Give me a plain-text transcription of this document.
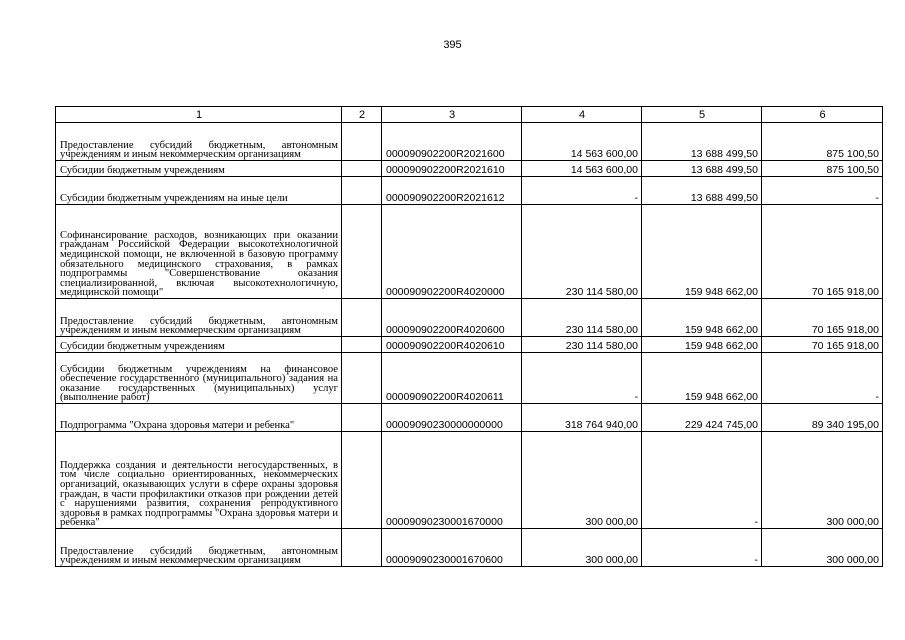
395
1	2	3	4	5	6
Предоставление субсидий бюджетным, автономным учреждениям и иным некоммерческим организациям		000090902200R2021600	14 563 600,00	13 688 499,50	875 100,50
Субсидии бюджетным учреждениям		000090902200R2021610	14 563 600,00	13 688 499,50	875 100,50
Субсидии бюджетным учреждениям на иные цели		000090902200R2021612	-	13 688 499,50	-
Софинансирование расходов, возникающих при оказании гражданам Российской Федерации высокотехнологичной медицинской помощи, не включенной в базовую программу обязательного медицинского страхования, в рамках подпрограммы "Совершенствование оказания специализированной, включая высокотехнологичную, медицинской помощи"		000090902200R4020000	230 114 580,00	159 948 662,00	70 165 918,00
Предоставление субсидий бюджетным, автономным учреждениям и иным некоммерческим организациям		000090902200R4020600	230 114 580,00	159 948 662,00	70 165 918,00
Субсидии бюджетным учреждениям		000090902200R4020610	230 114 580,00	159 948 662,00	70 165 918,00
Субсидии бюджетным учреждениям на финансовое обеспечение государственного (муниципального) задания на оказание государственных (муниципальных) услуг (выполнение работ)		000090902200R4020611	-	159 948 662,00	-
Подпрограмма "Охрана здоровья матери и ребенка"		00009090230000000000	318 764 940,00	229 424 745,00	89 340 195,00
Поддержка создания и деятельности негосударственных, в том числе социально ориентированных, некоммерческих организаций, оказывающих услуги в сфере охраны здоровья граждан, в части профилактики отказов при рождении детей с нарушениями развития, сохранения репродуктивного здоровья в рамках подпрограммы "Охрана здоровья матери и ребенка"		00009090230001670000	300 000,00	-	300 000,00
Предоставление субсидий бюджетным, автономным учреждениям и иным некоммерческим организациям		00009090230001670600	300 000,00	-	300 000,00
